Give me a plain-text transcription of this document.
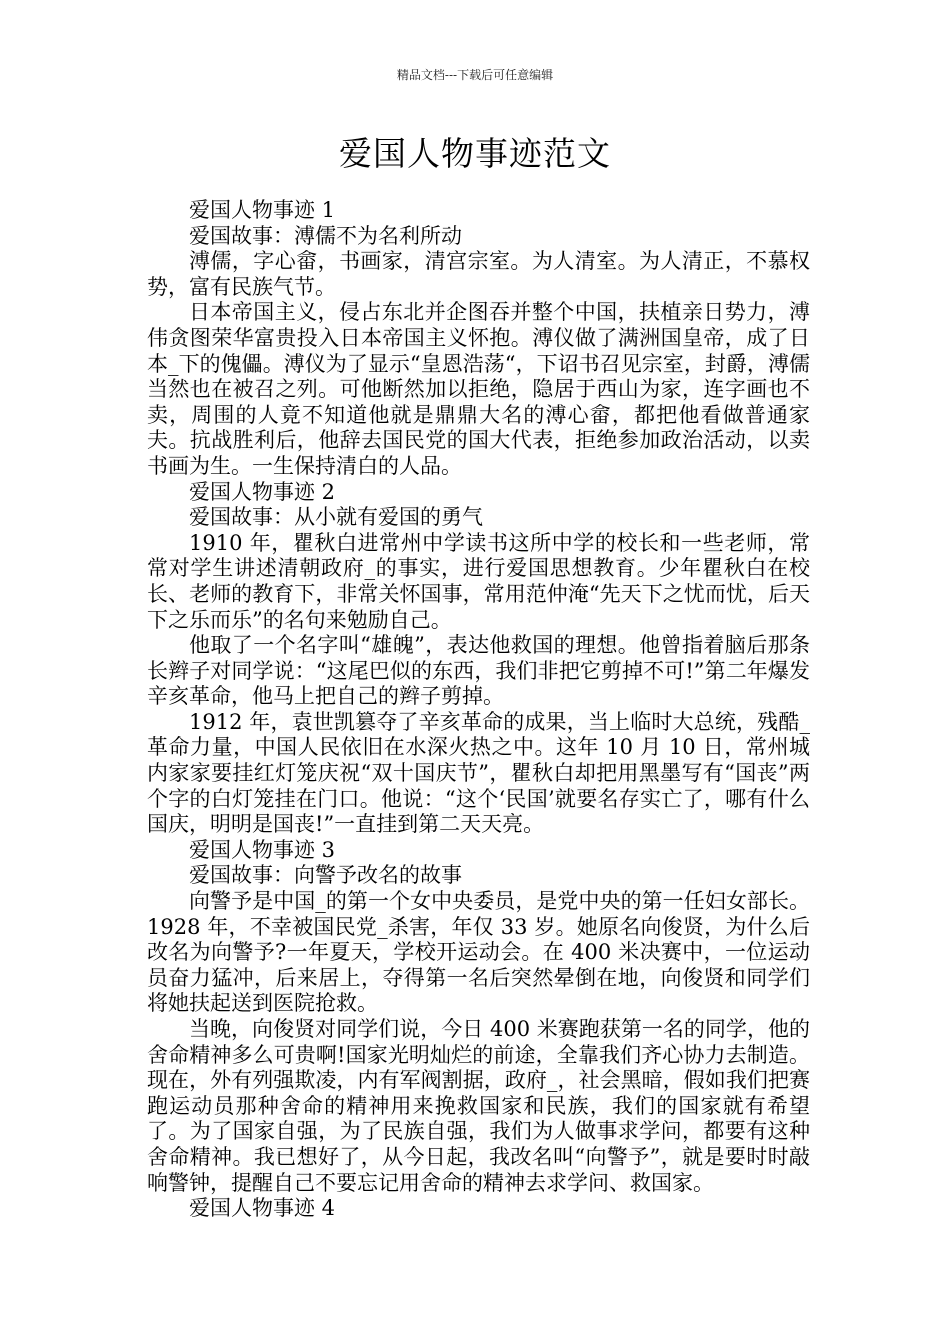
精品文档---下载后可任意编辑
爱国人物事迹范文

爱国人物事迹 1

爱国故事：溥儒不为名利所动

溥儒，字心畲，书画家，清宫宗室。为人清室。为人清正，不慕权势，富有民族气节。

日本帝国主义，侵占东北并企图吞并整个中国，扶植亲日势力，溥伟贪图荣华富贵投入日本帝国主义怀抱。溥仪做了满洲国皇帝，成了日本_下的傀儡。溥仪为了显示“皇恩浩荡“，下诏书召见宗室，封爵，溥儒当然也在被召之列。可他断然加以拒绝，隐居于西山为家，连字画也不卖，周围的人竟不知道他就是鼎鼎大名的溥心畲，都把他看做普通家夫。抗战胜利后，他辞去国民党的国大代表，拒绝参加政治活动，以卖书画为生。一生保持清白的人品。

爱国人物事迹 2

爱国故事：从小就有爱国的勇气

1910 年，瞿秋白进常州中学读书这所中学的校长和一些老师，常常对学生讲述清朝政府_的事实，进行爱国思想教育。少年瞿秋白在校长、老师的教育下，非常关怀国事，常用范仲淹“先天下之忧而忧，后天下之乐而乐”的名句来勉励自己。

他取了一个名字叫“雄魄”，表达他救国的理想。他曾指着脑后那条长辫子对同学说：“这尾巴似的东西，我们非把它剪掉不可!”第二年爆发辛亥革命，他马上把自己的辫子剪掉。

1912 年，袁世凯篡夺了辛亥革命的成果，当上临时大总统，残酷_革命力量，中国人民依旧在水深火热之中。这年 10 月 10 日，常州城内家家要挂红灯笼庆祝“双十国庆节”，瞿秋白却把用黑墨写有“国丧”两个字的白灯笼挂在门口。他说：“这个‘民国’就要名存实亡了，哪有什么国庆，明明是国丧!”一直挂到第二天天亮。

爱国人物事迹 3

爱国故事：向警予改名的故事

向警予是中国_的第一个女中央委员，是党中央的第一任妇女部长。1928 年，不幸被国民党_杀害，年仅 33 岁。她原名向俊贤，为什么后改名为向警予?一年夏天，学校开运动会。在 400 米决赛中，一位运动员奋力猛冲，后来居上，夺得第一名后突然晕倒在地，向俊贤和同学们将她扶起送到医院抢救。

当晚，向俊贤对同学们说，今日 400 米赛跑获第一名的同学，他的舍命精神多么可贵啊!国家光明灿烂的前途，全靠我们齐心协力去制造。现在，外有列强欺凌，内有军阀割据，政府_，社会黑暗，假如我们把赛跑运动员那种舍命的精神用来挽救国家和民族，我们的国家就有希望了。为了国家自强，为了民族自强，我们为人做事求学问，都要有这种舍命精神。我已想好了，从今日起，我改名叫“向警予”，就是要时时敲响警钟，提醒自己不要忘记用舍命的精神去求学问、救国家。

爱国人物事迹 4
